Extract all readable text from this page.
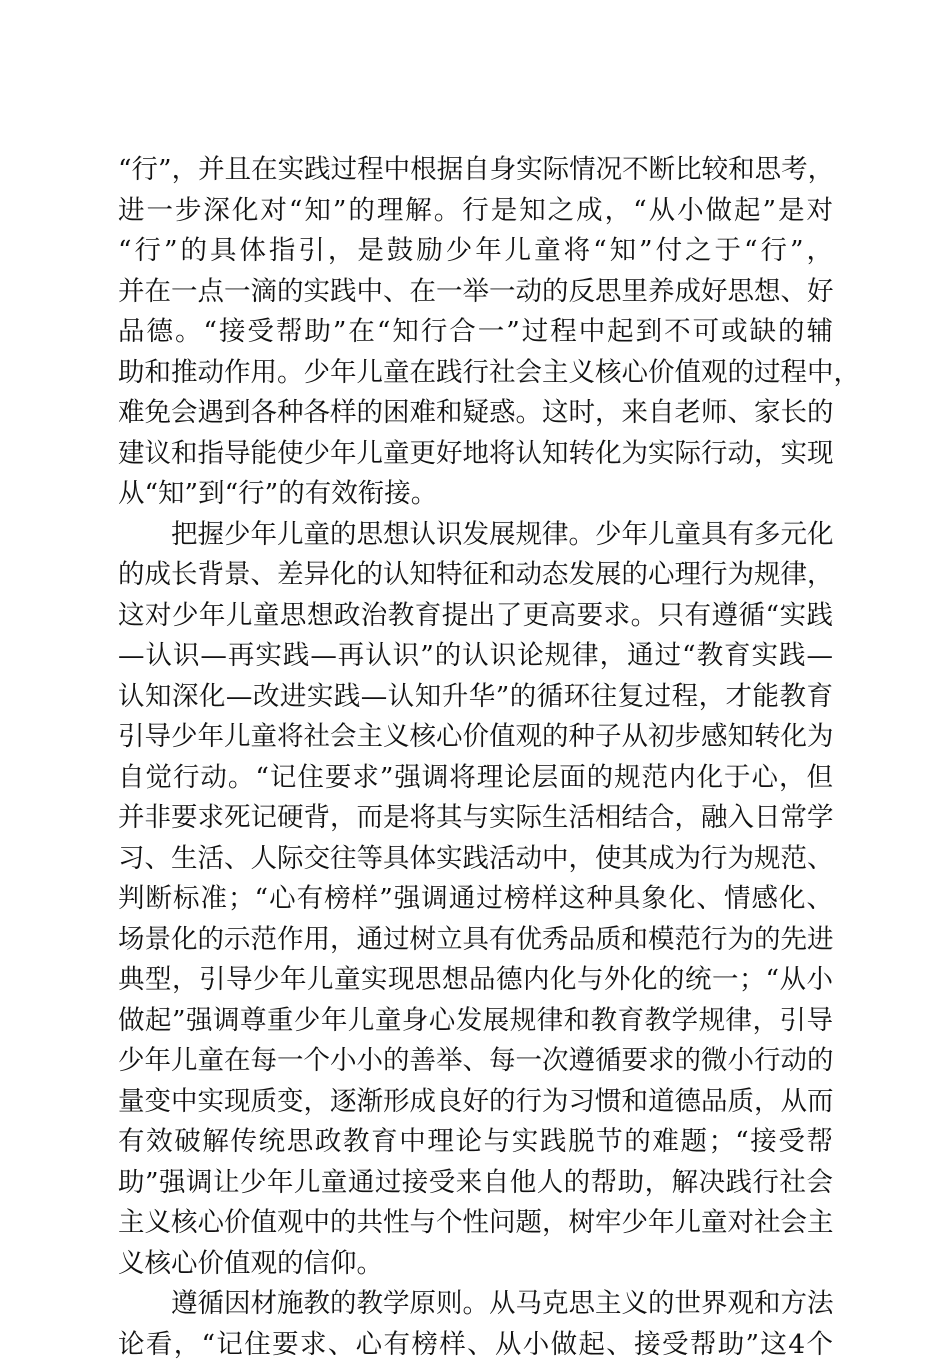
“行”，并且在实践过程中根据自身实际情况不断比较和思考，
进一步深化对“知”的理解。行是知之成，“从小做起”是对
“行”的具体指引，是鼓励少年儿童将“知”付之于“行”，
并在一点一滴的实践中、在一举一动的反思里养成好思想、好
品德。“接受帮助”在“知行合一”过程中起到不可或缺的辅
助和推动作用。少年儿童在践行社会主义核心价值观的过程中，
难免会遇到各种各样的困难和疑惑。这时，来自老师、家长的
建议和指导能使少年儿童更好地将认知转化为实际行动，实现
从“知”到“行”的有效衔接。
把握少年儿童的思想认识发展规律。少年儿童具有多元化
的成长背景、差异化的认知特征和动态发展的心理行为规律，
这对少年儿童思想政治教育提出了更高要求。只有遵循“实践
—认识—再实践—再认识”的认识论规律，通过“教育实践—
认知深化—改进实践—认知升华”的循环往复过程，才能教育
引导少年儿童将社会主义核心价值观的种子从初步感知转化为
自觉行动。“记住要求”强调将理论层面的规范内化于心，但
并非要求死记硬背，而是将其与实际生活相结合，融入日常学
习、生活、人际交往等具体实践活动中，使其成为行为规范、
判断标准；“心有榜样”强调通过榜样这种具象化、情感化、
场景化的示范作用，通过树立具有优秀品质和模范行为的先进
典型，引导少年儿童实现思想品德内化与外化的统一；“从小
做起”强调尊重少年儿童身心发展规律和教育教学规律，引导
少年儿童在每一个小小的善举、每一次遵循要求的微小行动的
量变中实现质变，逐渐形成良好的行为习惯和道德品质，从而
有效破解传统思政教育中理论与实践脱节的难题；“接受帮
助”强调让少年儿童通过接受来自他人的帮助，解决践行社会
主义核心价值观中的共性与个性问题，树牢少年儿童对社会主
义核心价值观的信仰。
遵循因材施教的教学原则。从马克思主义的世界观和方法
论看，“记住要求、心有榜样、从小做起、接受帮助”这4个
